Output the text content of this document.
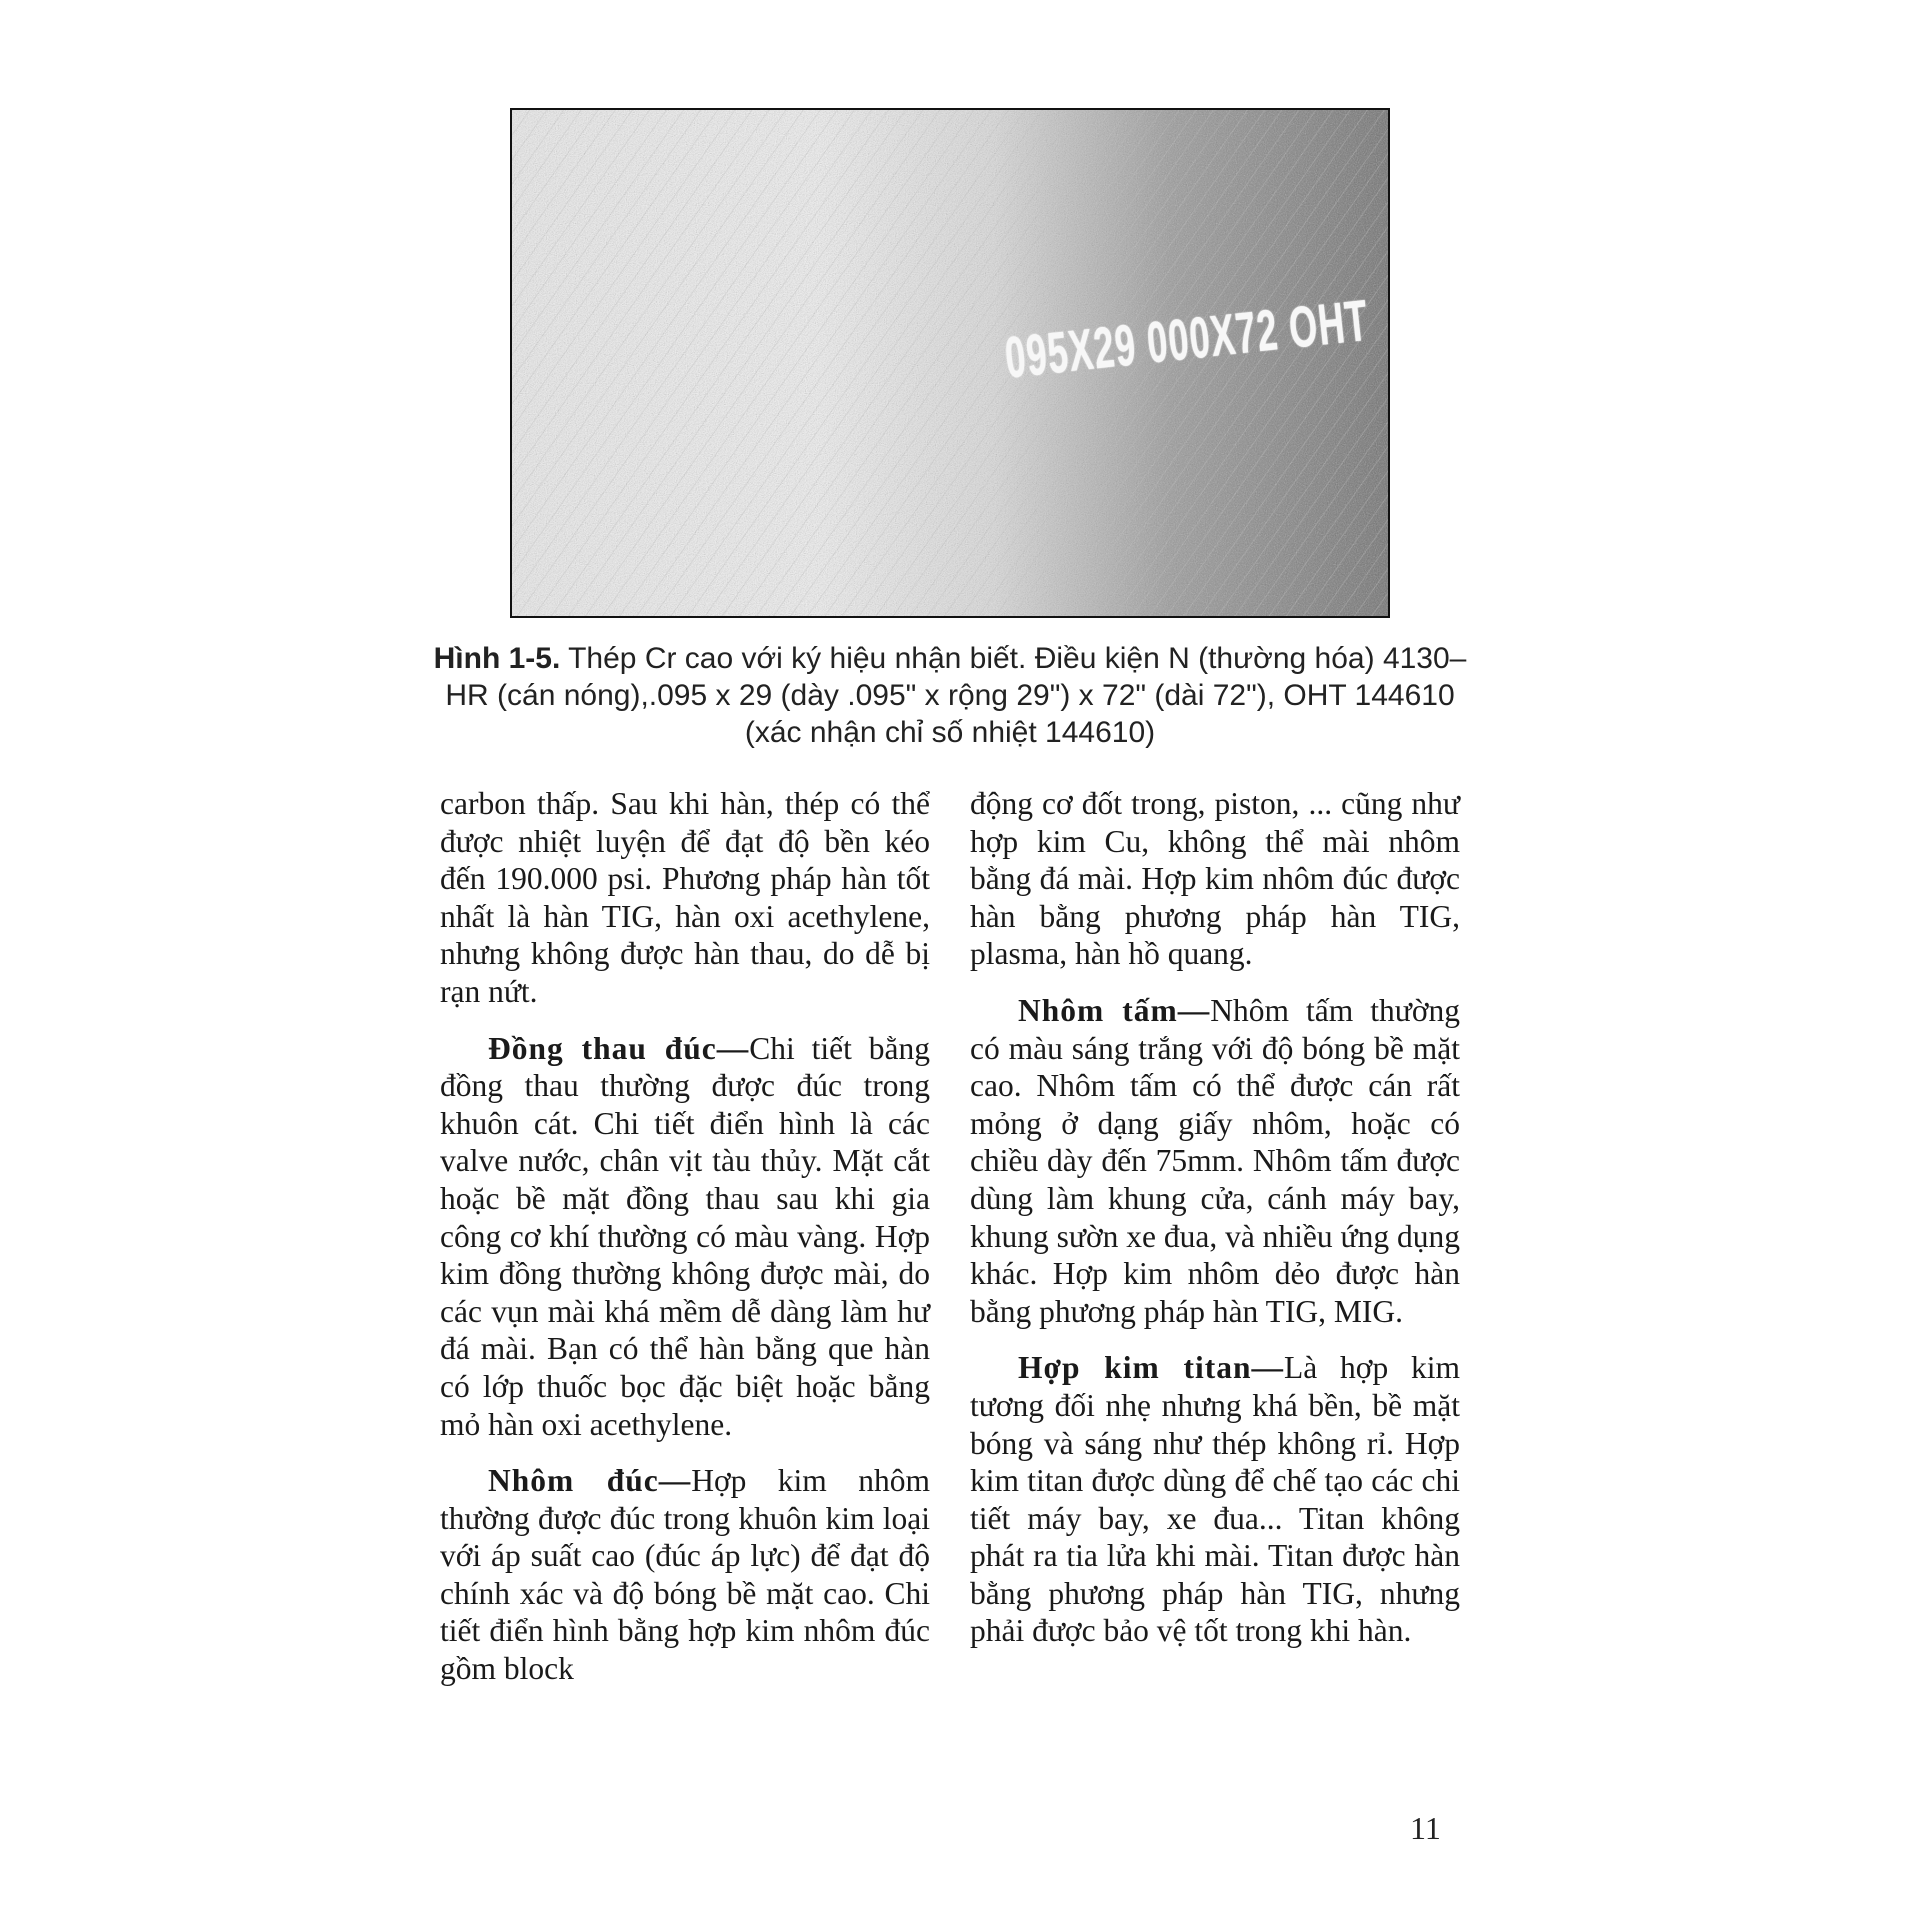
095X29 000X72 OHT
Hình 1-5. Thép Cr cao với ký hiệu nhận biết. Điều kiện N (thường hóa) 4130–HR (cán nóng),.095 x 29 (dày .095" x rộng 29") x 72" (dài 72"), OHT 144610 (xác nhận chỉ số nhiệt 144610)

carbon thấp. Sau khi hàn, thép có thể được nhiệt luyện để đạt độ bền kéo đến 190.000 psi. Phương pháp hàn tốt nhất là hàn TIG, hàn oxi acethylene, nhưng không được hàn thau, do dễ bị rạn nứt.

Đồng thau đúc—Chi tiết bằng đồng thau thường được đúc trong khuôn cát. Chi tiết điển hình là các valve nước, chân vịt tàu thủy. Mặt cắt hoặc bề mặt đồng thau sau khi gia công cơ khí thường có màu vàng. Hợp kim đồng thường không được mài, do các vụn mài khá mềm dễ dàng làm hư đá mài. Bạn có thể hàn bằng que hàn có lớp thuốc bọc đặc biệt hoặc bằng mỏ hàn oxi acethylene.

Nhôm đúc—Hợp kim nhôm thường được đúc trong khuôn kim loại với áp suất cao (đúc áp lực) để đạt độ chính xác và độ bóng bề mặt cao. Chi tiết điển hình bằng hợp kim nhôm đúc gồm block

động cơ đốt trong, piston, ... cũng như hợp kim Cu, không thể mài nhôm bằng đá mài. Hợp kim nhôm đúc được hàn bằng phương pháp hàn TIG, plasma, hàn hồ quang.

Nhôm tấm—Nhôm tấm thường có màu sáng trắng với độ bóng bề mặt cao. Nhôm tấm có thể được cán rất mỏng ở dạng giấy nhôm, hoặc có chiều dày đến 75mm. Nhôm tấm được dùng làm khung cửa, cánh máy bay, khung sườn xe đua, và nhiều ứng dụng khác. Hợp kim nhôm dẻo được hàn bằng phương pháp hàn TIG, MIG.

Hợp kim titan—Là hợp kim tương đối nhẹ nhưng khá bền, bề mặt bóng và sáng như thép không rỉ. Hợp kim titan được dùng để chế tạo các chi tiết máy bay, xe đua... Titan không phát ra tia lửa khi mài. Titan được hàn bằng phương pháp hàn TIG, nhưng phải được bảo vệ tốt trong khi hàn.

11
